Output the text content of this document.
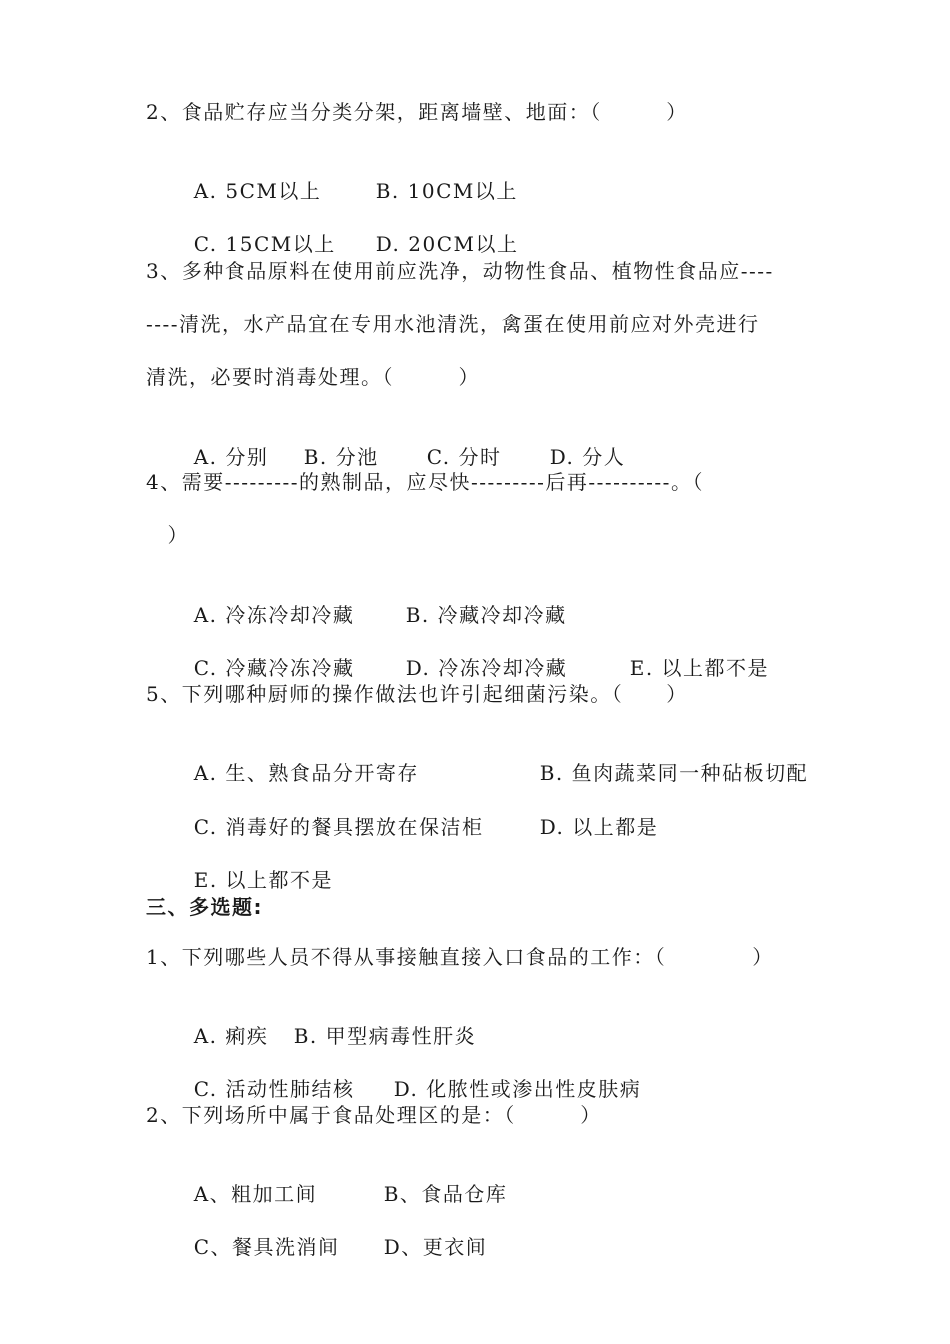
2、食品贮存应当分类分架，距离墙壁、地面：（　　　）

A. 5CM以上	B. 10CM以上

C. 15CM以上 D. 20CM以上

3、多种食品原料在使用前应洗净，动物性食品、植物性食品应----
----清洗，水产品宜在专用水池清洗，禽蛋在使用前应对外壳进行
清洗，必要时消毒处理。（　　　）

A. 分别 B. 分池 C. 分时 D. 分人

4、需要---------的熟制品，应尽快---------后再----------。（
　）

A. 冷冻冷却冷藏	B. 冷藏冷却冷藏

C. 冷藏冷冻冷藏	D. 冷冻冷却冷藏	E. 以上都不是

5、下列哪种厨师的操作做法也许引起细菌污染。（　　）

A. 生、熟食品分开寄存	B. 鱼肉蔬菜同一种砧板切配

C. 消毒好的餐具摆放在保洁柜	D. 以上都是

E. 以上都不是

三、多选题:
1、下列哪些人员不得从事接触直接入口食品的工作：（　　　　）

A. 痢疾 B. 甲型病毒性肝炎

C. 活动性肺结核 D. 化脓性或渗出性皮肤病

2、下列场所中属于食品处理区的是：（　　　）

A、粗加工间	B、食品仓库

C、餐具洗消间 D、更衣间
